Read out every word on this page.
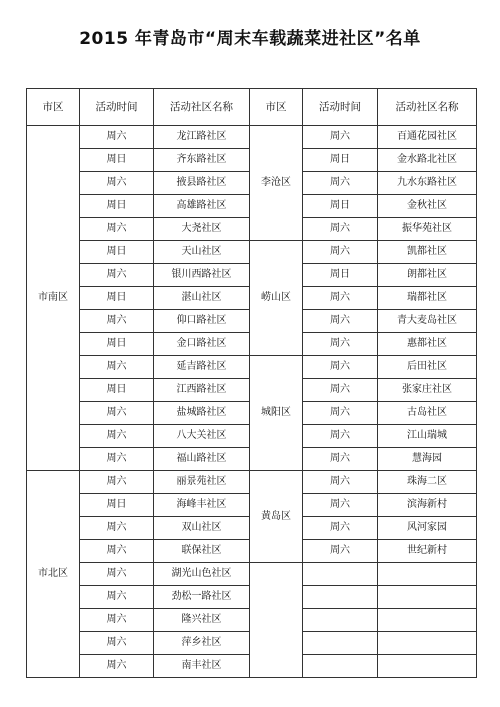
2015 年青岛市“周末车载蔬菜进社区”名单
市区	活动时间	活动社区名称	市区	活动时间	活动社区名称
市南区	周六	龙江路社区	李沧区	周六	百通花园社区
	周日	齐东路社区		周日	金水路北社区
	周六	掖县路社区		周六	九水东路社区
	周日	高雄路社区		周日	金秋社区
	周六	大尧社区		周六	振华苑社区
	周日	天山社区	崂山区	周六	凯都社区
	周六	银川西路社区		周日	朗都社区
	周日	湛山社区		周六	瑞都社区
	周六	仰口路社区		周六	青大麦岛社区
	周日	金口路社区		周六	惠都社区
	周六	延吉路社区	城阳区	周六	后田社区
	周日	江西路社区		周六	张家庄社区
	周六	盐城路社区		周六	古岛社区
	周六	八大关社区		周六	江山瑞城
	周六	福山路社区		周六	慧海园
市北区	周六	丽景苑社区	黄岛区	周六	珠海二区
	周日	海峰丰社区		周六	滨海新村
	周六	双山社区		周六	风河家园
	周六	联保社区		周六	世纪新村
	周六	湖光山色社区			
	周六	劲松一路社区			
	周六	隆兴社区			
	周六	萍乡社区			
	周六	南丰社区			
